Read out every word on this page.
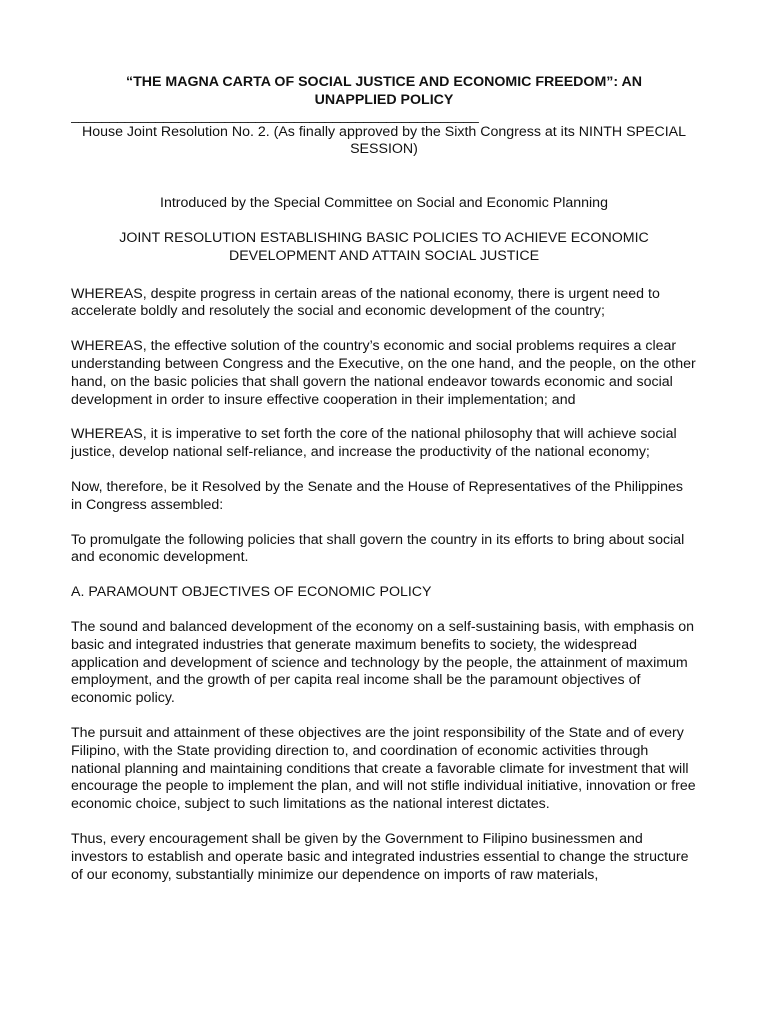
“THE MAGNA CARTA OF SOCIAL JUSTICE AND ECONOMIC FREEDOM”: AN UNAPPLIED POLICY

_____________________________________________________

House Joint Resolution No. 2. (As finally approved by the Sixth Congress at its NINTH SPECIAL SESSION)

Introduced by the Special Committee on Social and Economic Planning

JOINT RESOLUTION ESTABLISHING BASIC POLICIES TO ACHIEVE ECONOMIC DEVELOPMENT AND ATTAIN SOCIAL JUSTICE

WHEREAS, despite progress in certain areas of the national economy, there is urgent need to accelerate boldly and resolutely the social and economic development of the country;

WHEREAS, the effective solution of the country’s economic and social problems requires a clear understanding between Congress and the Executive, on the one hand, and the people, on the other hand, on the basic policies that shall govern the national endeavor towards economic and social development in order to insure effective cooperation in their implementation; and

WHEREAS, it is imperative to set forth the core of the national philosophy that will achieve social justice, develop national self-reliance, and increase the productivity of the national economy;

Now, therefore, be it Resolved by the Senate and the House of Representatives of the Philippines in Congress assembled:

To promulgate the following policies that shall govern the country in its efforts to bring about social and economic development.

A. PARAMOUNT OBJECTIVES OF ECONOMIC POLICY

The sound and balanced development of the economy on a self-sustaining basis, with emphasis on basic and integrated industries that generate maximum benefits to society, the widespread application and development of science and technology by the people, the attainment of maximum employment, and the growth of per capita real income shall be the paramount objectives of economic policy.

The pursuit and attainment of these objectives are the joint responsibility of the State and of every Filipino, with the State providing direction to, and coordination of economic activities through national planning and maintaining conditions that create a favorable climate for investment that will encourage the people to implement the plan, and will not stifle individual initiative, innovation or free economic choice, subject to such limitations as the national interest dictates.

Thus, every encouragement shall be given by the Government to Filipino businessmen and investors to establish and operate basic and integrated industries essential to change the structure of our economy, substantially minimize our dependence on imports of raw materials,
